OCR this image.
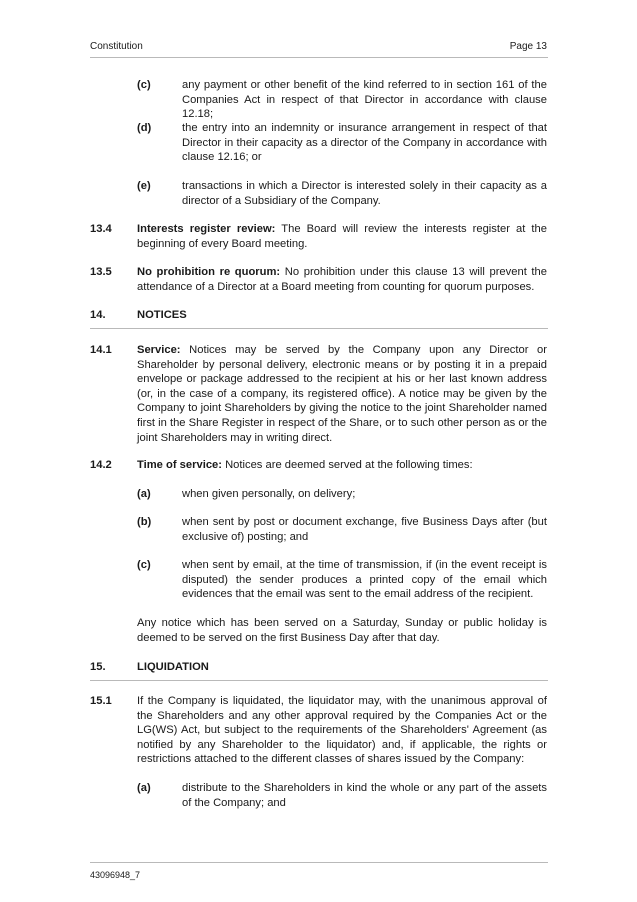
Constitution	Page 13
(c)	any payment or other benefit of the kind referred to in section 161 of the Companies Act in respect of that Director in accordance with clause 12.18;
(d)	the entry into an indemnity or insurance arrangement in respect of that Director in their capacity as a director of the Company in accordance with clause 12.16; or
(e)	transactions in which a Director is interested solely in their capacity as a director of a Subsidiary of the Company.
13.4 Interests register review: The Board will review the interests register at the beginning of every Board meeting.
13.5 No prohibition re quorum: No prohibition under this clause 13 will prevent the attendance of a Director at a Board meeting from counting for quorum purposes.
14.	NOTICES
14.1 Service: Notices may be served by the Company upon any Director or Shareholder by personal delivery, electronic means or by posting it in a prepaid envelope or package addressed to the recipient at his or her last known address (or, in the case of a company, its registered office). A notice may be given by the Company to joint Shareholders by giving the notice to the joint Shareholder named first in the Share Register in respect of the Share, or to such other person as or the joint Shareholders may in writing direct.
14.2 Time of service: Notices are deemed served at the following times:
(a)	when given personally, on delivery;
(b)	when sent by post or document exchange, five Business Days after (but exclusive of) posting; and
(c)	when sent by email, at the time of transmission, if (in the event receipt is disputed) the sender produces a printed copy of the email which evidences that the email was sent to the email address of the recipient.
Any notice which has been served on a Saturday, Sunday or public holiday is deemed to be served on the first Business Day after that day.
15.	LIQUIDATION
15.1 If the Company is liquidated, the liquidator may, with the unanimous approval of the Shareholders and any other approval required by the Companies Act or the LG(WS) Act, but subject to the requirements of the Shareholders' Agreement (as notified by any Shareholder to the liquidator) and, if applicable, the rights or restrictions attached to the different classes of shares issued by the Company:
(a)	distribute to the Shareholders in kind the whole or any part of the assets of the Company; and
43096948_7
